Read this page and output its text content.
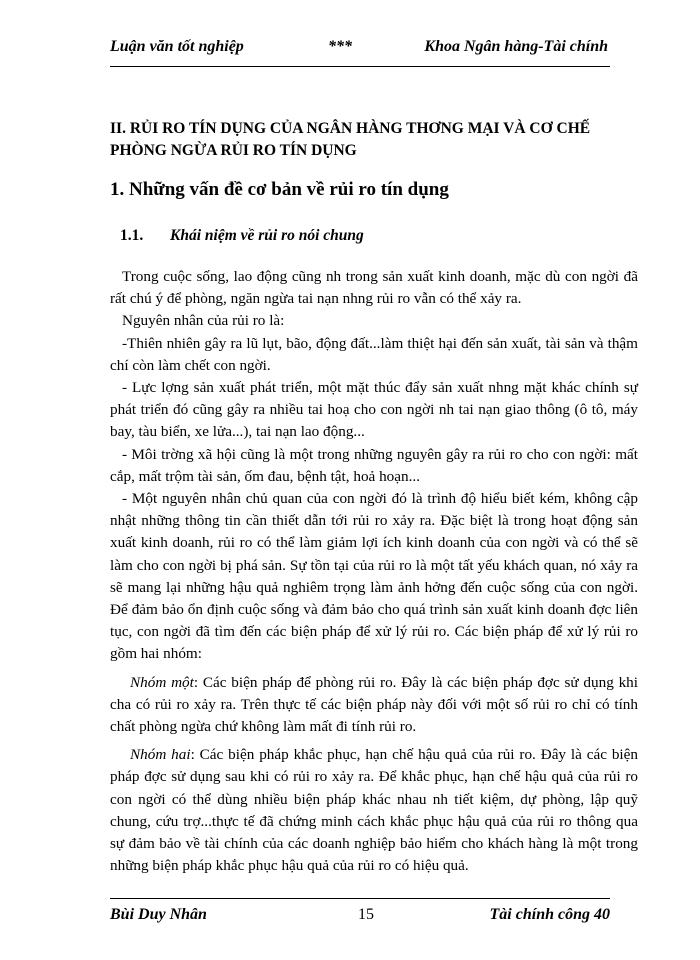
Luận văn tốt nghiệp	***	Khoa Ngân hàng-Tài chính
II. RỦI RO TÍN DỤNG CỦA NGÂN HÀNG THƠNG MẠI VÀ CƠ CHẾ PHÒNG NGỪA RỦI RO TÍN DỤNG
1. Những vấn đề cơ bản về rủi ro tín dụng
1.1. Khái niệm về rủi ro nói chung

Trong cuộc sống, lao động cũng nh trong sản xuất kinh doanh, mặc dù con ngời đã rất chú ý để phòng, ngăn ngừa tai nạn nhng rủi ro vẫn có thể xảy ra.

Nguyên nhân của rủi ro là:

-Thiên nhiên gây ra lũ lụt, bão, động đất...làm thiệt hại đến sản xuất, tài sản và thậm chí còn làm chết con ngời.

- Lực lợng sản xuất phát triển, một mặt thúc đẩy sản xuất nhng mặt khác chính sự phát triển đó cũng gây ra nhiều tai hoạ cho con ngời nh tai nạn giao thông (ô tô, máy bay, tàu biển, xe lửa...), tai nạn lao động...

- Môi trờng xã hội cũng là một trong những nguyên gây ra rủi ro cho con ngời: mất cắp, mất trộm tài sản, ốm đau, bệnh tật, hoả hoạn...

- Một nguyên nhân chủ quan của con ngời đó là trình độ hiểu biết kém, không cập nhật những thông tin cần thiết dẫn tới rủi ro xảy ra. Đặc biệt là trong hoạt động sản xuất kinh doanh, rủi ro có thể làm giảm lợi ích kinh doanh của con ngời và có thể sẽ làm cho con ngời bị phá sản. Sự tồn tại của rủi ro là một tất yếu khách quan, nó xảy ra sẽ mang lại những hậu quả nghiêm trọng làm ảnh hởng đến cuộc sống của con ngời. Để đảm bảo ổn định cuộc sống và đảm bảo cho quá trình sản xuất kinh doanh đợc liên tục, con ngời đã tìm đến các biện pháp để xử lý rủi ro. Các biện pháp để xử lý rủi ro gồm hai nhóm:

Nhóm một: Các biện pháp để phòng rủi ro. Đây là các biện pháp đợc sử dụng khi cha có rủi ro xảy ra. Trên thực tế các biện pháp này đối với một số rủi ro chỉ có tính chất phòng ngừa chứ không làm mất đi tính rủi ro.

Nhóm hai: Các biện pháp khắc phục, hạn chế hậu quả của rủi ro. Đây là các biện pháp đợc sử dụng sau khi có rủi ro xảy ra. Để khắc phục, hạn chế hậu quả của rủi ro con ngời có thể dùng nhiều biện pháp khác nhau nh tiết kiệm, dự phòng, lập quỹ chung, cứu trợ...thực tế đã chứng minh cách khắc phục hậu quả của rủi ro thông qua sự đảm bảo về tài chính của các doanh nghiệp bảo hiểm cho khách hàng là một trong những biện pháp khắc phục hậu quả của rủi ro có hiệu quả.

Bùi Duy Nhân	15	Tài chính công 40
